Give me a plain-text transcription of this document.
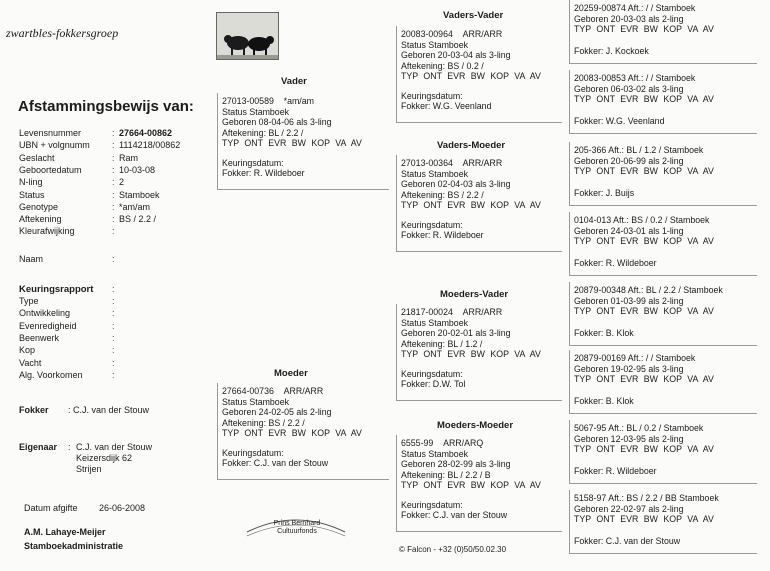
zwartbles-fokkersgroep
Afstammingsbewijs van:
Levensnummer	: 27664-00862
UBN + volgnumm : 1114218/00862
Geslacht	: Ram
Geboortedatum	: 10-03-08
N-ling	: 2
Status	: Stamboek
Genotype	: *am/am
Aftekening	: BS / 2.2 /
Kleurafwijking	:
Naam	:
Keuringsrapport :
Type	:
Ontwikkeling	:
Evenredigheid	:
Beenwerk	:
Kop	:
Vacht	:
Alg. Voorkomen	:
Fokker : C.J. van der Stouw
Eigenaar : C.J. van der Stouw
Keizersdijk 62
Strijen
Datum afgifte 26-06-2008
A.M. Lahaye-Meijer
Stamboekadministratie
Prins Bernhard Cultuurfonds
© Falcon - +32 (0)50/50.02.30
Vader
Moeder
Vaders-Vader
Vaders-Moeder
Moeders-Vader
Moeders-Moeder
27013-00589 *am/am
Status Stamboek
Geboren 08-04-06 als 3-ling
Aftekening: BL / 2.2 /
TYP ONT EVR BW KOP VA AV
Keuringsdatum:
Fokker: R. Wildeboer
27664-00736 ARR/ARR
Status Stamboek
Geboren 24-02-05 als 2-ling
Aftekening: BS / 2.2 /
TYP ONT EVR BW KOP VA AV
Keuringsdatum:
Fokker: C.J. van der Stouw
20083-00964 ARR/ARR
Status Stamboek
Geboren 20-03-04 als 3-ling
Aftekening: BS / 0.2 /
TYP ONT EVR BW KOP VA AV
Keuringsdatum:
Fokker: W.G. Veenland
27013-00364 ARR/ARR
Status Stamboek
Geboren 02-04-03 als 3-ling
Aftekening: BS / 2.2 /
TYP ONT EVR BW KOP VA AV
Keuringsdatum:
Fokker: R. Wildeboer
21817-00024 ARR/ARR
Status Stamboek
Geboren 20-02-01 als 3-ling
Aftekening: BL / 1.2 /
TYP ONT EVR BW KOP VA AV
Keuringsdatum:
Fokker: D.W. Tol
6555-99 ARR/ARQ
Status Stamboek
Geboren 28-02-99 als 3-ling
Aftekening: BL / 2.2 / B
TYP ONT EVR BW KOP VA AV
Keuringsdatum:
Fokker: C.J. van der Stouw
20259-00874 Aft.: / / Stamboek
Geboren 20-03-03 als 2-ling
TYP ONT EVR BW KOP VA AV
Fokker: J. Kockoek
20083-00853 Aft.: / / Stamboek
Geboren 06-03-02 als 3-ling
TYP ONT EVR BW KOP VA AV
Fokker: W.G. Veenland
205-366 Aft.: BL / 1.2 / Stamboek
Geboren 20-06-99 als 2-ling
TYP ONT EVR BW KOP VA AV
Fokker: J. Buijs
0104-013 Aft.: BS / 0.2 / Stamboek
Geboren 24-03-01 als 1-ling
TYP ONT EVR BW KOP VA AV
Fokker: R. Wildeboer
20879-00348 Aft.: BL / 2.2 / Stamboek
Geboren 01-03-99 als 2-ling
TYP ONT EVR BW KOP VA AV
Fokker: B. Klok
20879-00169 Aft.: / / Stamboek
Geboren 19-02-95 als 3-ling
TYP ONT EVR BW KOP VA AV
Fokker: B. Klok
5067-95 Aft.: BL / 0.2 / Stamboek
Geboren 12-03-95 als 2-ling
TYP ONT EVR BW KOP VA AV
Fokker: R. Wildeboer
5158-97 Aft.: BS / 2.2 / BB Stamboek
Geboren 22-02-97 als 2-ling
TYP ONT EVR BW KOP VA AV
Fokker: C.J. van der Stouw
